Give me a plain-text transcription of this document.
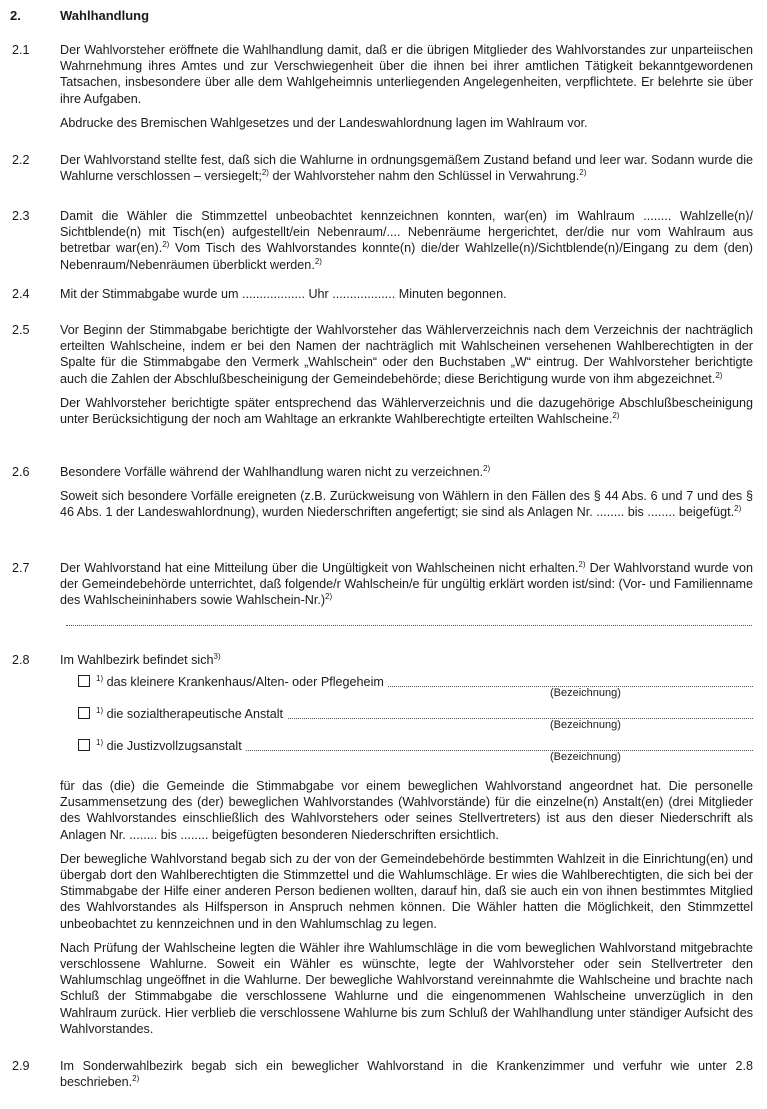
2.	Wahlhandlung
2.1 Der Wahlvorsteher eröffnete die Wahlhandlung damit, daß er die übrigen Mitglieder des Wahlvorstandes zur unparteiischen Wahrnehmung ihres Amtes und zur Verschwiegenheit über die ihnen bei ihrer amtlichen Tätigkeit bekanntgewordenen Tatsachen, insbesondere über alle dem Wahlgeheimnis unterliegenden Angelegenheiten, verpflichtete. Er belehrte sie über ihre Aufgaben.

Abdrucke des Bremischen Wahlgesetzes und der Landeswahlordnung lagen im Wahlraum vor.

2.2 Der Wahlvorstand stellte fest, daß sich die Wahlurne in ordnungsgemäßem Zustand befand und leer war. Sodann wurde die Wahlurne verschlossen – versiegelt;$^{2)}$ der Wahlvorsteher nahm den Schlüssel in Verwahrung.$^{2)}$

2.3 Damit die Wähler die Stimmzettel unbeobachtet kennzeichnen konnten, war(en) im Wahlraum ........ Wahlzelle(n)/ Sichtblende(n) mit Tisch(en) aufgestellt/ein Nebenraum/.... Nebenräume hergerichtet, der/die nur vom Wahlraum aus betretbar war(en).$^{2)}$ Vom Tisch des Wahlvorstandes konnte(n) die/der Wahlzelle(n)/Sichtblende(n)/Eingang zu dem (den) Nebenraum/Nebenräumen überblickt werden.$^{2)}$

2.4 Mit der Stimmabgabe wurde um .................. Uhr .................. Minuten begonnen.

2.5 Vor Beginn der Stimmabgabe berichtigte der Wahlvorsteher das Wählerverzeichnis nach dem Verzeichnis der nachträglich erteilten Wahlscheine, indem er bei den Namen der nachträglich mit Wahlscheinen versehenen Wahlberechtigten in der Spalte für die Stimmabgabe den Vermerk „Wahlschein“ oder den Buchstaben „W“ eintrug. Der Wahlvorsteher berichtigte auch die Zahlen der Abschlußbescheinigung der Gemeindebehörde; diese Berichtigung wurde von ihm abgezeichnet.$^{2)}$

Der Wahlvorsteher berichtigte später entsprechend das Wählerverzeichnis und die dazugehörige Abschlußbescheinigung unter Berücksichtigung der noch am Wahltage an erkrankte Wahlberechtigte erteilten Wahlscheine.$^{2)}$

2.6 Besondere Vorfälle während der Wahlhandlung waren nicht zu verzeichnen.$^{2)}$

Soweit sich besondere Vorfälle ereigneten (z.B. Zurückweisung von Wählern in den Fällen des § 44 Abs. 6 und 7 und des § 46 Abs. 1 der Landeswahlordnung), wurden Niederschriften angefertigt; sie sind als Anlagen Nr. ........ bis ........ beigefügt.$^{2)}$

2.7 Der Wahlvorstand hat eine Mitteilung über die Ungültigkeit von Wahlscheinen nicht erhalten.$^{2)}$ Der Wahlvorstand wurde von der Gemeindebehörde unterrichtet, daß folgende/r Wahlschein/e für ungültig erklärt worden ist/sind: (Vor- und Familienname des Wahlscheininhabers sowie Wahlschein-Nr.)$^{2)}$

2.8 Im Wahlbezirk befindet sich$^{3)}$

$^{1)}$ das kleinere Krankenhaus/Alten- oder Pflegeheim
(Bezeichnung)
$^{1)}$ die sozialtherapeutische Anstalt
(Bezeichnung)
$^{1)}$ die Justizvollzugsanstalt
(Bezeichnung)

für das (die) die Gemeinde die Stimmabgabe vor einem beweglichen Wahlvorstand angeordnet hat. Die personelle Zusammensetzung des (der) beweglichen Wahlvorstandes (Wahlvorstände) für die einzelne(n) Anstalt(en) (drei Mitglieder des Wahlvorstandes einschließlich des Wahlvorstehers oder seines Stellvertreters) ist aus den dieser Niederschrift als Anlagen Nr. ........ bis ........ beigefügten besonderen Niederschriften ersichtlich.

Der bewegliche Wahlvorstand begab sich zu der von der Gemeindebehörde bestimmten Wahlzeit in die Einrichtung(en) und übergab dort den Wahlberechtigten die Stimmzettel und die Wahlumschläge. Er wies die Wahlberechtigten, die sich bei der Stimmabgabe der Hilfe einer anderen Person bedienen wollten, darauf hin, daß sie auch ein von ihnen bestimmtes Mitglied des Wahlvorstandes als Hilfsperson in Anspruch nehmen können. Die Wähler hatten die Möglichkeit, den Stimmzettel unbeobachtet zu kennzeichnen und in den Wahlumschlag zu legen.

Nach Prüfung der Wahlscheine legten die Wähler ihre Wahlumschläge in die vom beweglichen Wahlvorstand mitgebrachte verschlossene Wahlurne. Soweit ein Wähler es wünschte, legte der Wahlvorsteher oder sein Stellvertreter den Wahlumschlag ungeöffnet in die Wahlurne. Der bewegliche Wahlvorstand vereinnahmte die Wahlscheine und brachte nach Schluß der Stimmabgabe die verschlossene Wahlurne und die eingenommenen Wahlscheine unverzüglich in den Wahlraum zurück. Hier verblieb die verschlossene Wahlurne bis zum Schluß der Wahlhandlung unter ständiger Aufsicht des Wahlvorstandes.

2.9 Im Sonderwahlbezirk begab sich ein beweglicher Wahlvorstand in die Krankenzimmer und verfuhr wie unter 2.8 beschrieben.$^{2)}$
